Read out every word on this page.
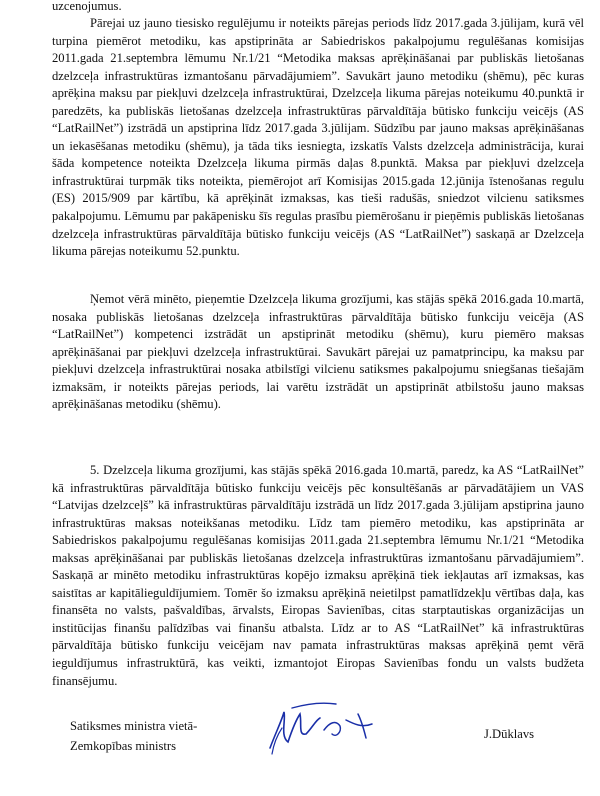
uzcenojumus.

Pārejai uz jauno tiesisko regulējumu ir noteikts pārejas periods līdz 2017.gada 3.jūlijam, kurā vēl turpina piemērot metodiku, kas apstiprināta ar Sabiedriskos pakalpojumu regulēšanas komisijas 2011.gada 21.septembra lēmumu Nr.1/21 “Metodika maksas aprēķināšanai par publiskās lietošanas dzelzceļa infrastruktūras izmantošanu pārvadājumiem”. Savukārt jauno metodiku (shēmu), pēc kuras aprēķina maksu par piekļuvi dzelzceļa infrastruktūrai, Dzelzceļa likuma pārejas noteikumu 40.punktā ir paredzēts, ka publiskās lietošanas dzelzceļa infrastruktūras pārvaldītāja būtisko funkciju veicējs (AS “LatRailNet”) izstrādā un apstiprina līdz 2017.gada 3.jūlijam. Sūdzību par jauno maksas aprēķināšanas un iekasēšanas metodiku (shēmu), ja tāda tiks iesniegta, izskatīs Valsts dzelzceļa administrācija, kurai šāda kompetence noteikta Dzelzceļa likuma pirmās daļas 8.punktā. Maksa par piekļuvi dzelzceļa infrastruktūrai turpmāk tiks noteikta, piemērojot arī Komisijas 2015.gada 12.jūnija īstenošanas regulu (ES) 2015/909 par kārtību, kā aprēķināt izmaksas, kas tieši radušās, sniedzot vilcienu satiksmes pakalpojumu. Lēmumu par pakāpenisku šīs regulas prasību piemērošanu ir pieņēmis publiskās lietošanas dzelzceļa infrastruktūras pārvaldītāja būtisko funkciju veicējs (AS “LatRailNet”) saskaņā ar Dzelzceļa likuma pārejas noteikumu 52.punktu.

Ņemot vērā minēto, pieņemtie Dzelzceļa likuma grozījumi, kas stājās spēkā 2016.gada 10.martā, nosaka publiskās lietošanas dzelzceļa infrastruktūras pārvaldītāja būtisko funkciju veicēja (AS “LatRailNet”) kompetenci izstrādāt un apstiprināt metodiku (shēmu), kuru piemēro maksas aprēķināšanai par piekļuvi dzelzceļa infrastruktūrai. Savukārt pārejai uz pamatprincipu, ka maksu par piekļuvi dzelzceļa infrastruktūrai nosaka atbilstīgi vilcienu satiksmes pakalpojumu sniegšanas tiešajām izmaksām, ir noteikts pārejas periods, lai varētu izstrādāt un apstiprināt atbilstošu jauno maksas aprēķināšanas metodiku (shēmu).

5. Dzelzceļa likuma grozījumi, kas stājās spēkā 2016.gada 10.martā, paredz, ka AS “LatRailNet” kā infrastruktūras pārvaldītāja būtisko funkciju veicējs pēc konsultēšanās ar pārvadātājiem un VAS “Latvijas dzelzceļš” kā infrastruktūras pārvaldītāju izstrādā un līdz 2017.gada 3.jūlijam apstiprina jauno infrastruktūras maksas noteikšanas metodiku. Līdz tam piemēro metodiku, kas apstiprināta ar Sabiedriskos pakalpojumu regulēšanas komisijas 2011.gada 21.septembra lēmumu Nr.1/21 “Metodika maksas aprēķināšanai par publiskās lietošanas dzelzceļa infrastruktūras izmantošanu pārvadājumiem”. Saskaņā ar minēto metodiku infrastruktūras kopējo izmaksu aprēķinā tiek iekļautas arī izmaksas, kas saistītas ar kapitālieguldījumiem. Tomēr šo izmaksu aprēķinā neietilpst pamatlīdzekļu vērtības daļa, kas finansēta no valsts, pašvaldības, ārvalsts, Eiropas Savienības, citas starptautiskas organizācijas un institūcijas finanšu palīdzības vai finanšu atbalsta. Līdz ar to AS “LatRailNet” kā infrastruktūras pārvaldītāja būtisko funkciju veicējam nav pamata infrastruktūras maksas aprēķinā ņemt vērā ieguldījumus infrastruktūrā, kas veikti, izmantojot Eiropas Savienības fondu un valsts budžeta finansējumu.

Satiksmes ministra vietā-
Zemkopības ministrs
J.Dūklavs
